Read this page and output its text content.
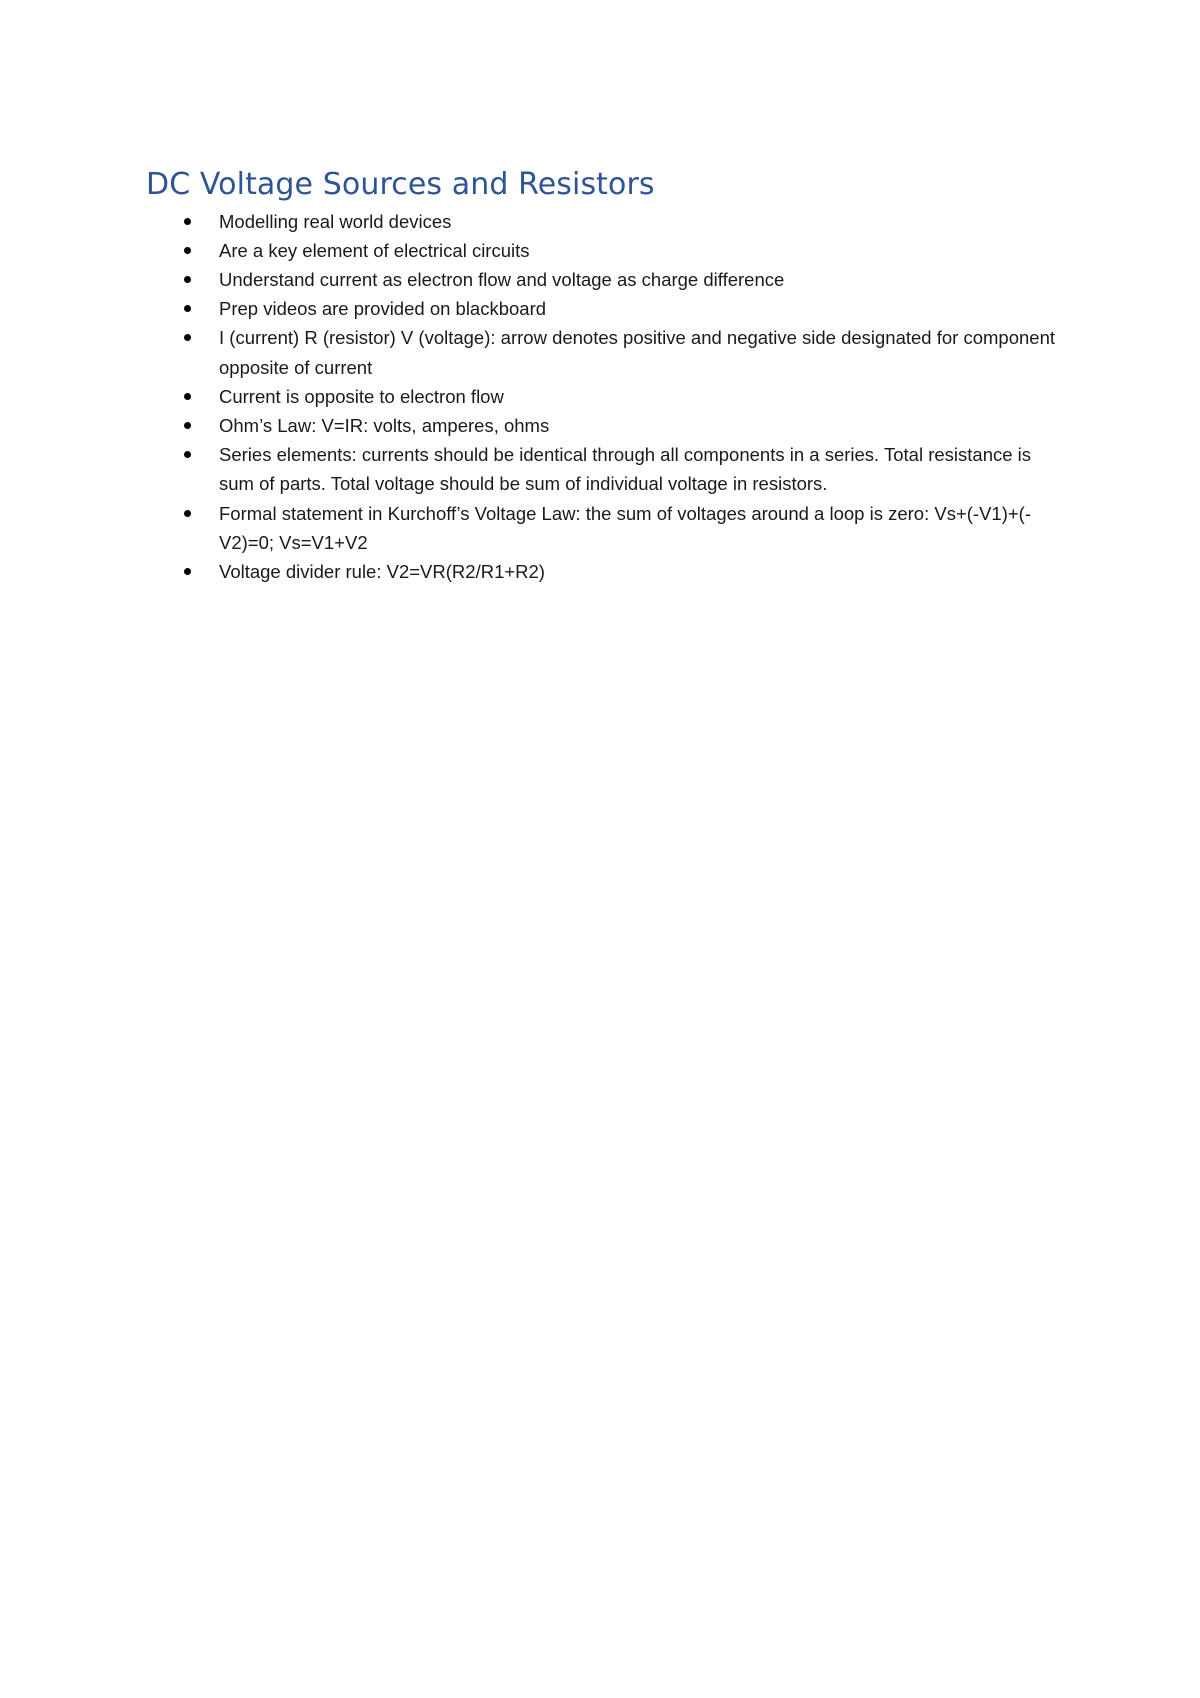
DC Voltage Sources and Resistors
Modelling real world devices
Are a key element of electrical circuits
Understand current as electron flow and voltage as charge difference
Prep videos are provided on blackboard
I (current) R (resistor) V (voltage): arrow denotes positive and negative side designated for component opposite of current
Current is opposite to electron flow
Ohm’s Law: V=IR: volts, amperes, ohms
Series elements: currents should be identical through all components in a series. Total resistance is sum of parts. Total voltage should be sum of individual voltage in resistors.
Formal statement in Kurchoff’s Voltage Law: the sum of voltages around a loop is zero: Vs+(-V1)+(-V2)=0; Vs=V1+V2
Voltage divider rule: V2=VR(R2/R1+R2)
